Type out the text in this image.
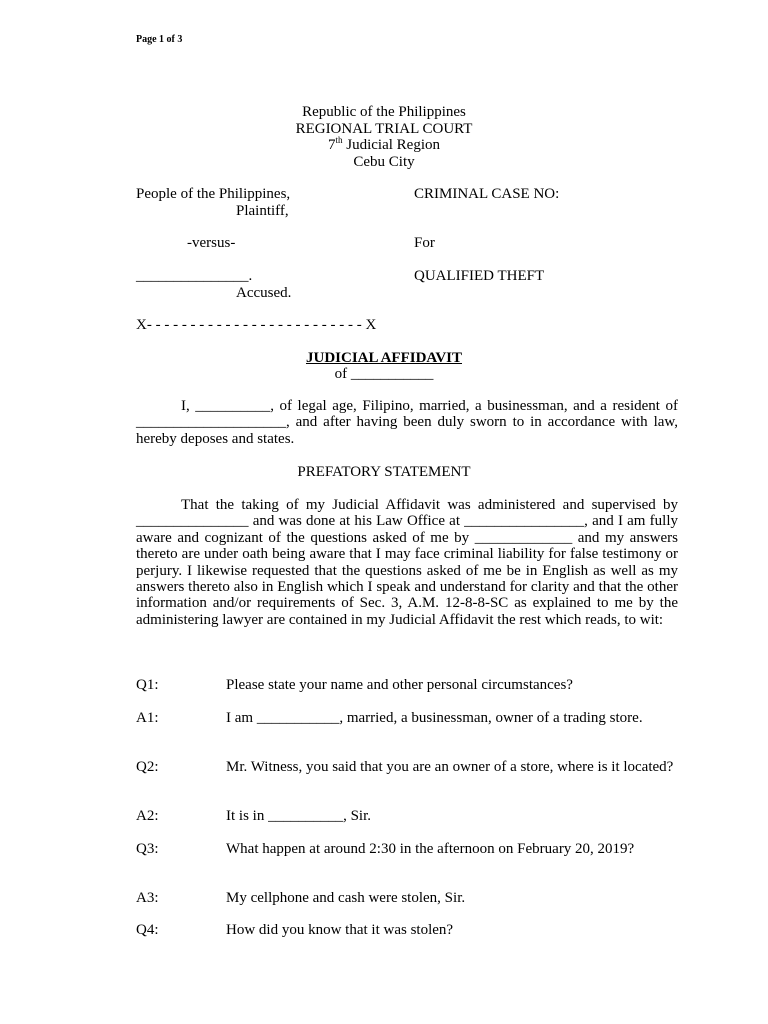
Page 1 of 3
Republic of the Philippines
REGIONAL TRIAL COURT
7th Judicial Region
Cebu City
People of the Philippines,	CRIMINAL CASE NO:
Plaintiff,
-versus-	For
_______________.	QUALIFIED THEFT
Accused.
X- - - - - - - - - - - - - - - - - - - - - - - - - X
JUDICIAL AFFIDAVIT
of ___________

I, __________, of legal age, Filipino, married, a businessman, and a resident of ____________________, and after having been duly sworn to in accordance with law, hereby deposes and states.

PREFATORY STATEMENT

That the taking of my Judicial Affidavit was administered and supervised by _______________ and was done at his Law Office at ________________, and I am fully aware and cognizant of the questions asked of me by _____________ and my answers thereto are under oath being aware that I may face criminal liability for false testimony or perjury. I likewise requested that the questions asked of me be in English as well as my answers thereto also in English which I speak and understand for clarity and that the other information and/or requirements of Sec. 3, A.M. 12-8-8-SC as explained to me by the administering lawyer are contained in my Judicial Affidavit the rest which reads, to wit:

Q1:	Please state your name and other personal circumstances?
A1:	I am ___________, married, a businessman, owner of a trading store.
Q2:	Mr. Witness, you said that you are an owner of a store, where is it located?
A2:	It is in __________, Sir.
Q3:	What happen at around 2:30 in the afternoon on February 20, 2019?
A3:	My cellphone and cash were stolen, Sir.
Q4:	How did you know that it was stolen?
